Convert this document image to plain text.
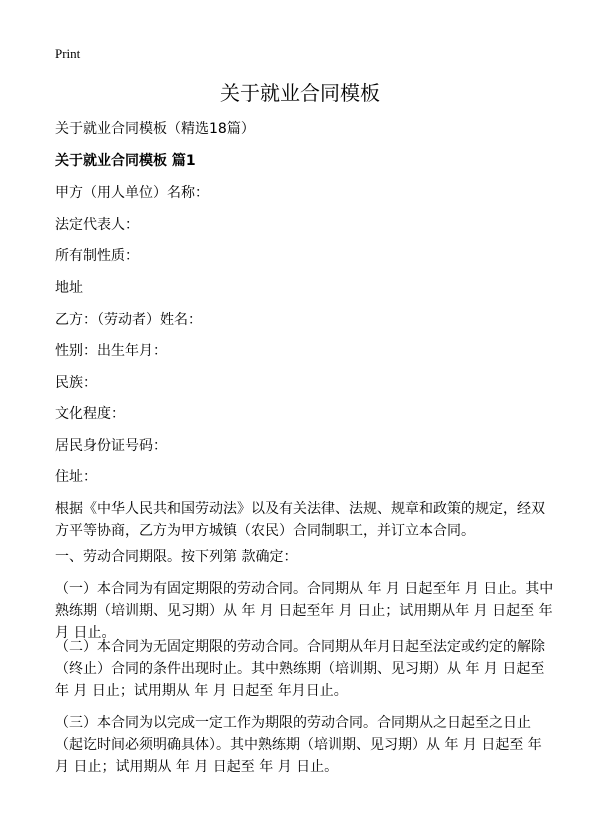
Print
关于就业合同模板

关于就业合同模板（精选18篇）

关于就业合同模板 篇1

甲方（用人单位）名称：

法定代表人：

所有制性质：

地址

乙方：（劳动者）姓名：

性别：出生年月：

民族：

文化程度：

居民身份证号码：

住址：

根据《中华人民共和国劳动法》以及有关法律、法规、规章和政策的规定，经双方平等协商，乙方为甲方城镇（农民）合同制职工，并订立本合同。

一、劳动合同期限。按下列第 款确定：

（一）本合同为有固定期限的劳动合同。合同期从 年 月 日起至年 月 日止。其中熟练期（培训期、见习期）从 年 月 日起至年 月 日止；试用期从年 月 日起至 年 月 日止。

（二）本合同为无固定期限的劳动合同。合同期从年月日起至法定或约定的解除（终止）合同的条件出现时止。其中熟练期（培训期、见习期）从 年 月 日起至年 月 日止；试用期从 年 月 日起至 年月日止。

（三）本合同为以完成一定工作为期限的劳动合同。合同期从之日起至之日止（起讫时间必须明确具体）。其中熟练期（培训期、见习期）从 年 月 日起至 年月 日止；试用期从 年 月 日起至 年 月 日止。
